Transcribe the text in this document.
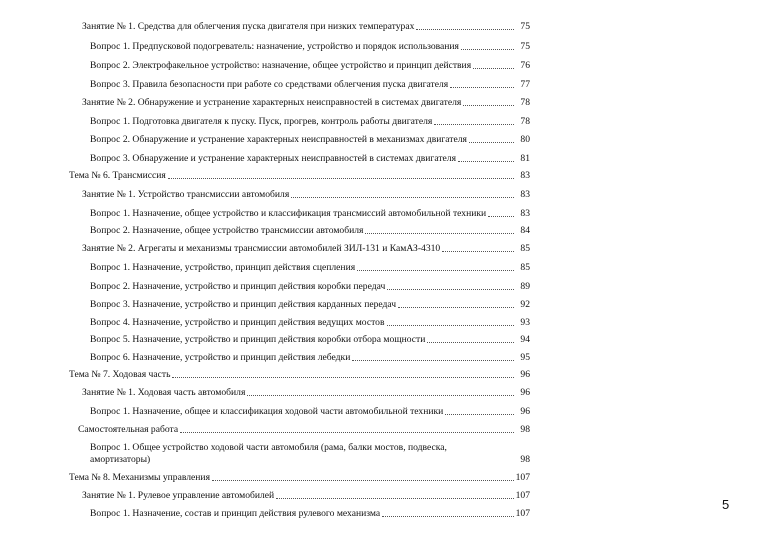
Занятие № 1. Средства для облегчения пуска двигателя при низких температурах	75
Вопрос 1. Предпусковой подогреватель: назначение, устройство и порядок использования	75
Вопрос 2. Электрофакельное устройство: назначение, общее устройство и принцип действия	76
Вопрос 3. Правила безопасности при работе со средствами облегчения пуска двигателя	77
Занятие № 2. Обнаружение и устранение характерных неисправностей в системах двигателя	78
Вопрос 1. Подготовка двигателя к пуску. Пуск, прогрев, контроль работы двигателя	78
Вопрос 2. Обнаружение и устранение характерных неисправностей в механизмах двигателя	80
Вопрос 3. Обнаружение и устранение характерных неисправностей в системах двигателя	81
Тема № 6. Трансмиссия	83
Занятие № 1. Устройство трансмиссии автомобиля	83
Вопрос 1. Назначение, общее устройство и классификация трансмиссий автомобильной техники	83
Вопрос 2. Назначение, общее устройство трансмиссии автомобиля	84
Занятие № 2. Агрегаты и механизмы трансмиссии автомобилей ЗИЛ-131 и КамАЗ-4310	85
Вопрос 1. Назначение, устройство, принцип действия сцепления	85
Вопрос 2. Назначение, устройство и принцип действия коробки передач	89
Вопрос 3. Назначение, устройство и принцип действия карданных передач	92
Вопрос 4. Назначение, устройство и принцип действия ведущих мостов	93
Вопрос 5. Назначение, устройство и принцип действия коробки отбора мощности	94
Вопрос 6. Назначение, устройство и принцип действия лебедки	95
Тема № 7. Ходовая часть	96
Занятие № 1. Ходовая часть автомобиля	96
Вопрос 1. Назначение, общее и классификация ходовой части автомобильной техники	96
Самостоятельная работа	98
Вопрос 1. Общее устройство ходовой части автомобиля (рама, балки мостов, подвеска,
амортизаторы)	98
Тема № 8. Механизмы управления	107
Занятие № 1. Рулевое управление автомобилей	107
Вопрос 1. Назначение, состав и принцип действия рулевого механизма	107
5
